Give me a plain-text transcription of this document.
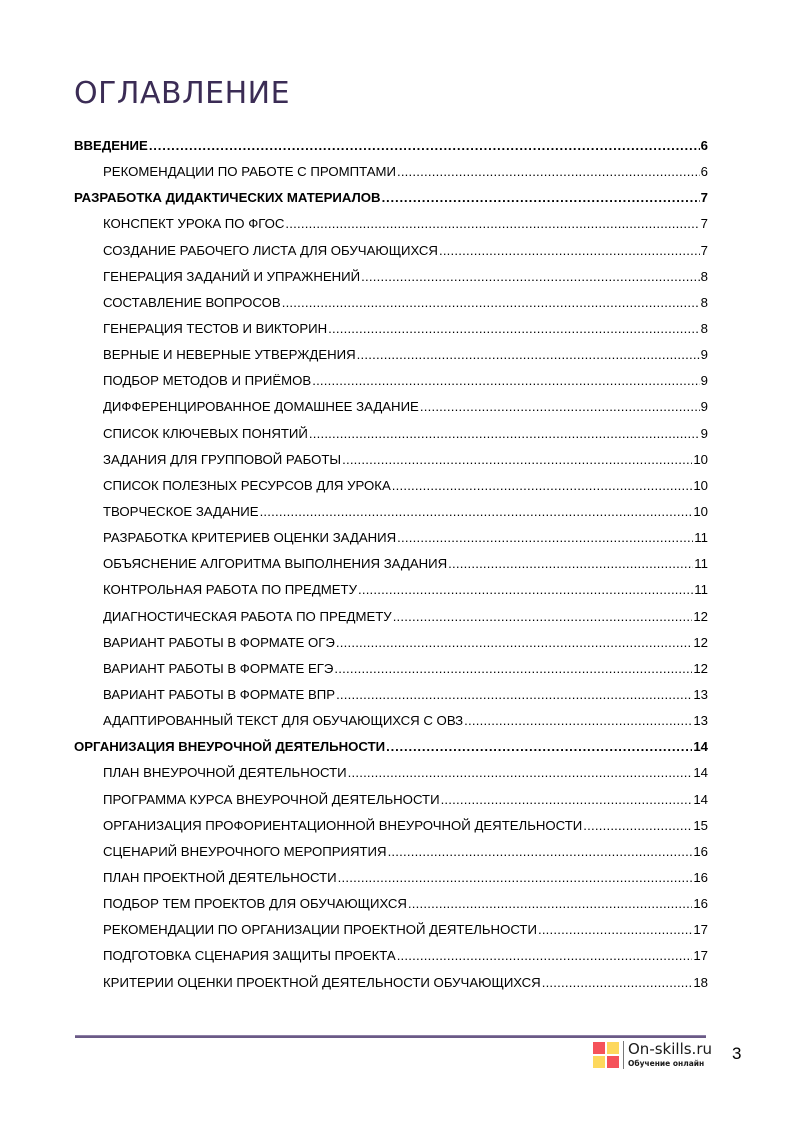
ОГЛАВЛЕНИЕ
ВВЕДЕНИЕ .....	6
РЕКОМЕНДАЦИИ ПО РАБОТЕ С ПРОМПТАМИ .....	6
РАЗРАБОТКА ДИДАКТИЧЕСКИХ МАТЕРИАЛОВ .....	7
КОНСПЕКТ УРОКА ПО ФГОС .....	7
СОЗДАНИЕ РАБОЧЕГО ЛИСТА ДЛЯ ОБУЧАЮЩИХСЯ .....	7
ГЕНЕРАЦИЯ ЗАДАНИЙ И УПРАЖНЕНИЙ .....	8
СОСТАВЛЕНИЕ ВОПРОСОВ .....	8
ГЕНЕРАЦИЯ ТЕСТОВ И ВИКТОРИН .....	8
ВЕРНЫЕ И НЕВЕРНЫЕ УТВЕРЖДЕНИЯ .....	9
ПОДБОР МЕТОДОВ И ПРИЁМОВ .....	9
ДИФФЕРЕНЦИРОВАННОЕ ДОМАШНЕЕ ЗАДАНИЕ .....	9
СПИСОК КЛЮЧЕВЫХ ПОНЯТИЙ .....	9
ЗАДАНИЯ ДЛЯ ГРУППОВОЙ РАБОТЫ .....	10
СПИСОК ПОЛЕЗНЫХ РЕСУРСОВ ДЛЯ УРОКА .....	10
ТВОРЧЕСКОЕ ЗАДАНИЕ .....	10
РАЗРАБОТКА КРИТЕРИЕВ ОЦЕНКИ ЗАДАНИЯ .....	11
ОБЪЯСНЕНИЕ АЛГОРИТМА ВЫПОЛНЕНИЯ ЗАДАНИЯ .....	11
КОНТРОЛЬНАЯ РАБОТА ПО ПРЕДМЕТУ .....	11
ДИАГНОСТИЧЕСКАЯ РАБОТА ПО ПРЕДМЕТУ .....	12
ВАРИАНТ РАБОТЫ В ФОРМАТЕ ОГЭ .....	12
ВАРИАНТ РАБОТЫ В ФОРМАТЕ ЕГЭ .....	12
ВАРИАНТ РАБОТЫ В ФОРМАТЕ ВПР .....	13
АДАПТИРОВАННЫЙ ТЕКСТ ДЛЯ ОБУЧАЮЩИХСЯ С ОВЗ .....	13
ОРГАНИЗАЦИЯ ВНЕУРОЧНОЙ ДЕЯТЕЛЬНОСТИ .....	14
ПЛАН ВНЕУРОЧНОЙ ДЕЯТЕЛЬНОСТИ .....	14
ПРОГРАММА КУРСА ВНЕУРОЧНОЙ ДЕЯТЕЛЬНОСТИ .....	14
ОРГАНИЗАЦИЯ ПРОФОРИЕНТАЦИОННОЙ ВНЕУРОЧНОЙ ДЕЯТЕЛЬНОСТИ .....	15
СЦЕНАРИЙ ВНЕУРОЧНОГО МЕРОПРИЯТИЯ .....	16
ПЛАН ПРОЕКТНОЙ ДЕЯТЕЛЬНОСТИ .....	16
ПОДБОР ТЕМ ПРОЕКТОВ ДЛЯ ОБУЧАЮЩИХСЯ .....	16
РЕКОМЕНДАЦИИ ПО ОРГАНИЗАЦИИ ПРОЕКТНОЙ ДЕЯТЕЛЬНОСТИ .....	17
ПОДГОТОВКА СЦЕНАРИЯ ЗАЩИТЫ ПРОЕКТА .....	17
КРИТЕРИИ ОЦЕНКИ ПРОЕКТНОЙ ДЕЯТЕЛЬНОСТИ ОБУЧАЮЩИХСЯ .....	18
On-skills.ru
Обучение онлайн
3
